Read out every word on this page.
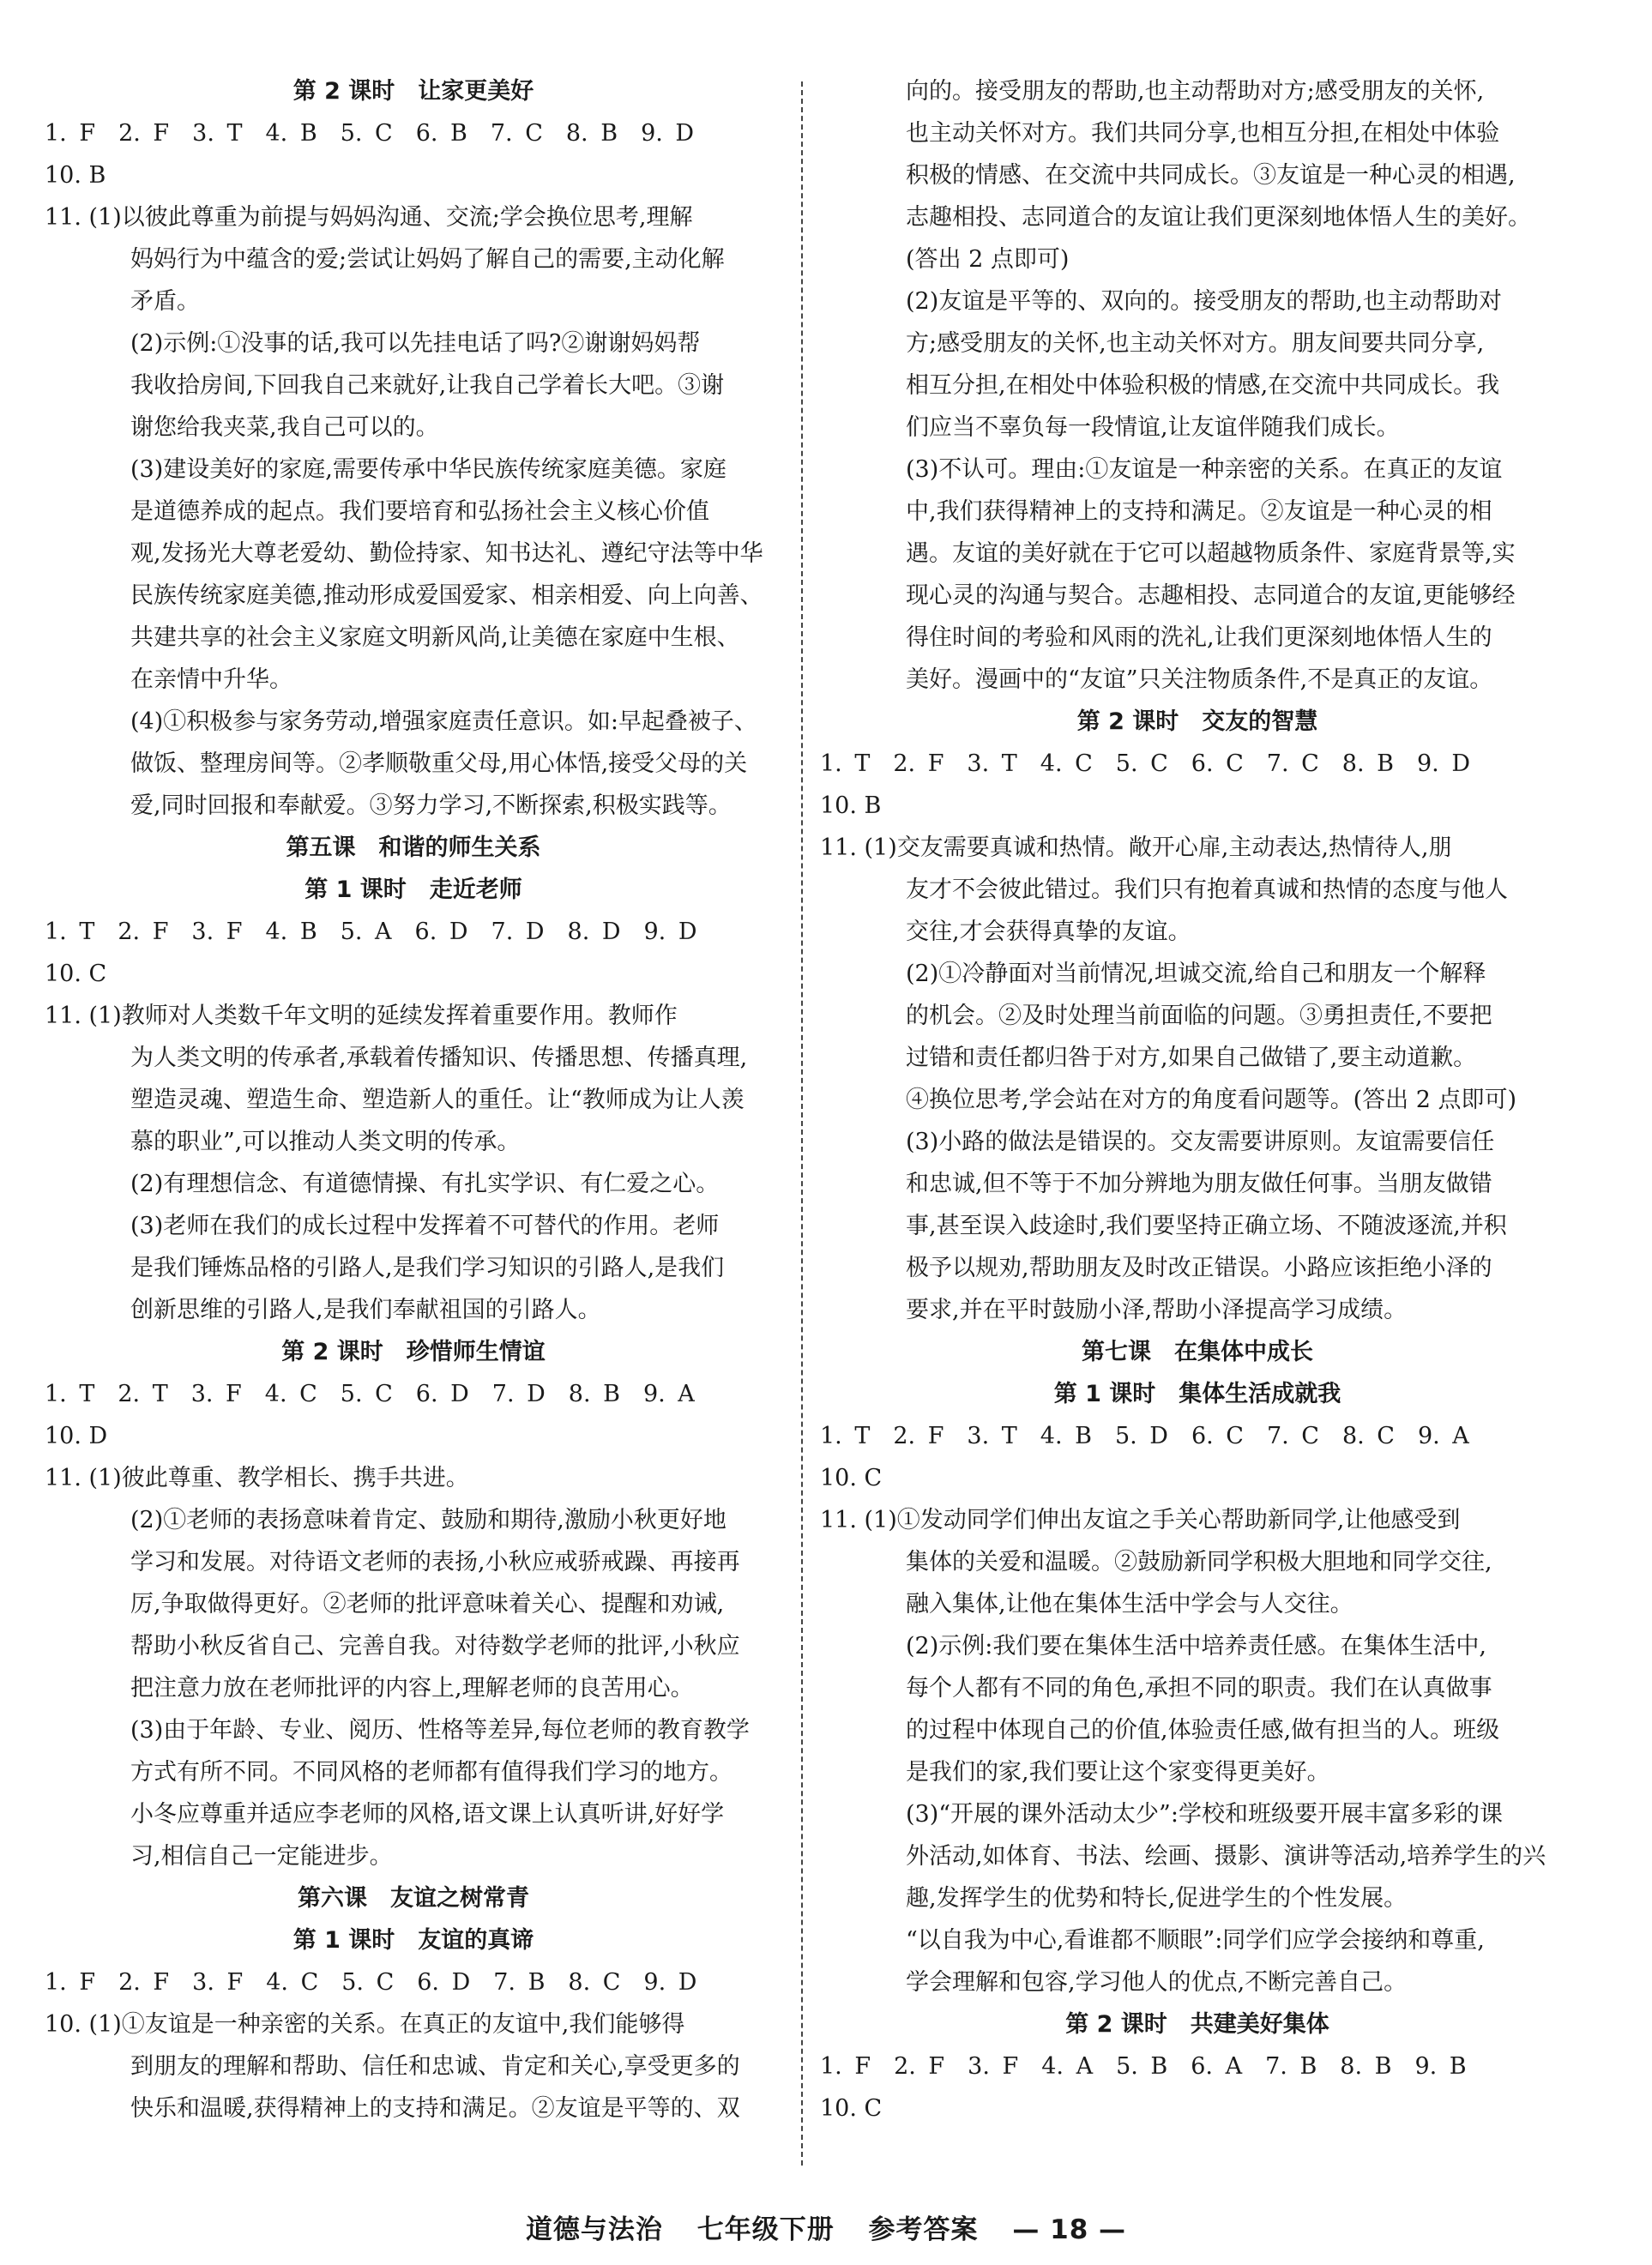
第 2 课时　让家更美好
1. F　2. F　3. T　4. B　5. C　6. B　7. C　8. B　9. D
10. B
11. (1)以彼此尊重为前提与妈妈沟通、交流;学会换位思考,理解
妈妈行为中蕴含的爱;尝试让妈妈了解自己的需要,主动化解
矛盾。
(2)示例:①没事的话,我可以先挂电话了吗?②谢谢妈妈帮
我收拾房间,下回我自己来就好,让我自己学着长大吧。③谢
谢您给我夹菜,我自己可以的。
(3)建设美好的家庭,需要传承中华民族传统家庭美德。家庭
是道德养成的起点。我们要培育和弘扬社会主义核心价值
观,发扬光大尊老爱幼、勤俭持家、知书达礼、遵纪守法等中华
民族传统家庭美德,推动形成爱国爱家、相亲相爱、向上向善、
共建共享的社会主义家庭文明新风尚,让美德在家庭中生根、
在亲情中升华。
(4)①积极参与家务劳动,增强家庭责任意识。如:早起叠被子、
做饭、整理房间等。②孝顺敬重父母,用心体悟,接受父母的关
爱,同时回报和奉献爱。③努力学习,不断探索,积极实践等。
第五课　和谐的师生关系
第 1 课时　走近老师
1. T　2. F　3. F　4. B　5. A　6. D　7. D　8. D　9. D
10. C
11. (1)教师对人类数千年文明的延续发挥着重要作用。教师作
为人类文明的传承者,承载着传播知识、传播思想、传播真理,
塑造灵魂、塑造生命、塑造新人的重任。让“教师成为让人羡
慕的职业”,可以推动人类文明的传承。
(2)有理想信念、有道德情操、有扎实学识、有仁爱之心。
(3)老师在我们的成长过程中发挥着不可替代的作用。老师
是我们锤炼品格的引路人,是我们学习知识的引路人,是我们
创新思维的引路人,是我们奉献祖国的引路人。
第 2 课时　珍惜师生情谊
1. T　2. T　3. F　4. C　5. C　6. D　7. D　8. B　9. A
10. D
11. (1)彼此尊重、教学相长、携手共进。
(2)①老师的表扬意味着肯定、鼓励和期待,激励小秋更好地
学习和发展。对待语文老师的表扬,小秋应戒骄戒躁、再接再
厉,争取做得更好。②老师的批评意味着关心、提醒和劝诫,
帮助小秋反省自己、完善自我。对待数学老师的批评,小秋应
把注意力放在老师批评的内容上,理解老师的良苦用心。
(3)由于年龄、专业、阅历、性格等差异,每位老师的教育教学
方式有所不同。不同风格的老师都有值得我们学习的地方。
小冬应尊重并适应李老师的风格,语文课上认真听讲,好好学
习,相信自己一定能进步。
第六课　友谊之树常青
第 1 课时　友谊的真谛
1. F　2. F　3. F　4. C　5. C　6. D　7. B　8. C　9. D
10. (1)①友谊是一种亲密的关系。在真正的友谊中,我们能够得
到朋友的理解和帮助、信任和忠诚、肯定和关心,享受更多的
快乐和温暖,获得精神上的支持和满足。②友谊是平等的、双
向的。接受朋友的帮助,也主动帮助对方;感受朋友的关怀,
也主动关怀对方。我们共同分享,也相互分担,在相处中体验
积极的情感、在交流中共同成长。③友谊是一种心灵的相遇,
志趣相投、志同道合的友谊让我们更深刻地体悟人生的美好。
(答出 2 点即可)
(2)友谊是平等的、双向的。接受朋友的帮助,也主动帮助对
方;感受朋友的关怀,也主动关怀对方。朋友间要共同分享,
相互分担,在相处中体验积极的情感,在交流中共同成长。我
们应当不辜负每一段情谊,让友谊伴随我们成长。
(3)不认可。理由:①友谊是一种亲密的关系。在真正的友谊
中,我们获得精神上的支持和满足。②友谊是一种心灵的相
遇。友谊的美好就在于它可以超越物质条件、家庭背景等,实
现心灵的沟通与契合。志趣相投、志同道合的友谊,更能够经
得住时间的考验和风雨的洗礼,让我们更深刻地体悟人生的
美好。漫画中的“友谊”只关注物质条件,不是真正的友谊。
第 2 课时　交友的智慧
1. T　2. F　3. T　4. C　5. C　6. C　7. C　8. B　9. D
10. B
11. (1)交友需要真诚和热情。敞开心扉,主动表达,热情待人,朋
友才不会彼此错过。我们只有抱着真诚和热情的态度与他人
交往,才会获得真挚的友谊。
(2)①冷静面对当前情况,坦诚交流,给自己和朋友一个解释
的机会。②及时处理当前面临的问题。③勇担责任,不要把
过错和责任都归咎于对方,如果自己做错了,要主动道歉。
④换位思考,学会站在对方的角度看问题等。(答出 2 点即可)
(3)小路的做法是错误的。交友需要讲原则。友谊需要信任
和忠诚,但不等于不加分辨地为朋友做任何事。当朋友做错
事,甚至误入歧途时,我们要坚持正确立场、不随波逐流,并积
极予以规劝,帮助朋友及时改正错误。小路应该拒绝小泽的
要求,并在平时鼓励小泽,帮助小泽提高学习成绩。
第七课　在集体中成长
第 1 课时　集体生活成就我
1. T　2. F　3. T　4. B　5. D　6. C　7. C　8. C　9. A
10. C
11. (1)①发动同学们伸出友谊之手关心帮助新同学,让他感受到
集体的关爱和温暖。②鼓励新同学积极大胆地和同学交往,
融入集体,让他在集体生活中学会与人交往。
(2)示例:我们要在集体生活中培养责任感。在集体生活中,
每个人都有不同的角色,承担不同的职责。我们在认真做事
的过程中体现自己的价值,体验责任感,做有担当的人。班级
是我们的家,我们要让这个家变得更美好。
(3)“开展的课外活动太少”:学校和班级要开展丰富多彩的课
外活动,如体育、书法、绘画、摄影、演讲等活动,培养学生的兴
趣,发挥学生的优势和特长,促进学生的个性发展。
“以自我为中心,看谁都不顺眼”:同学们应学会接纳和尊重,
学会理解和包容,学习他人的优点,不断完善自己。
第 2 课时　共建美好集体
1. F　2. F　3. F　4. A　5. B　6. A　7. B　8. B　9. B
10. C
道德与法治 七年级下册 参考答案 — 18 —
